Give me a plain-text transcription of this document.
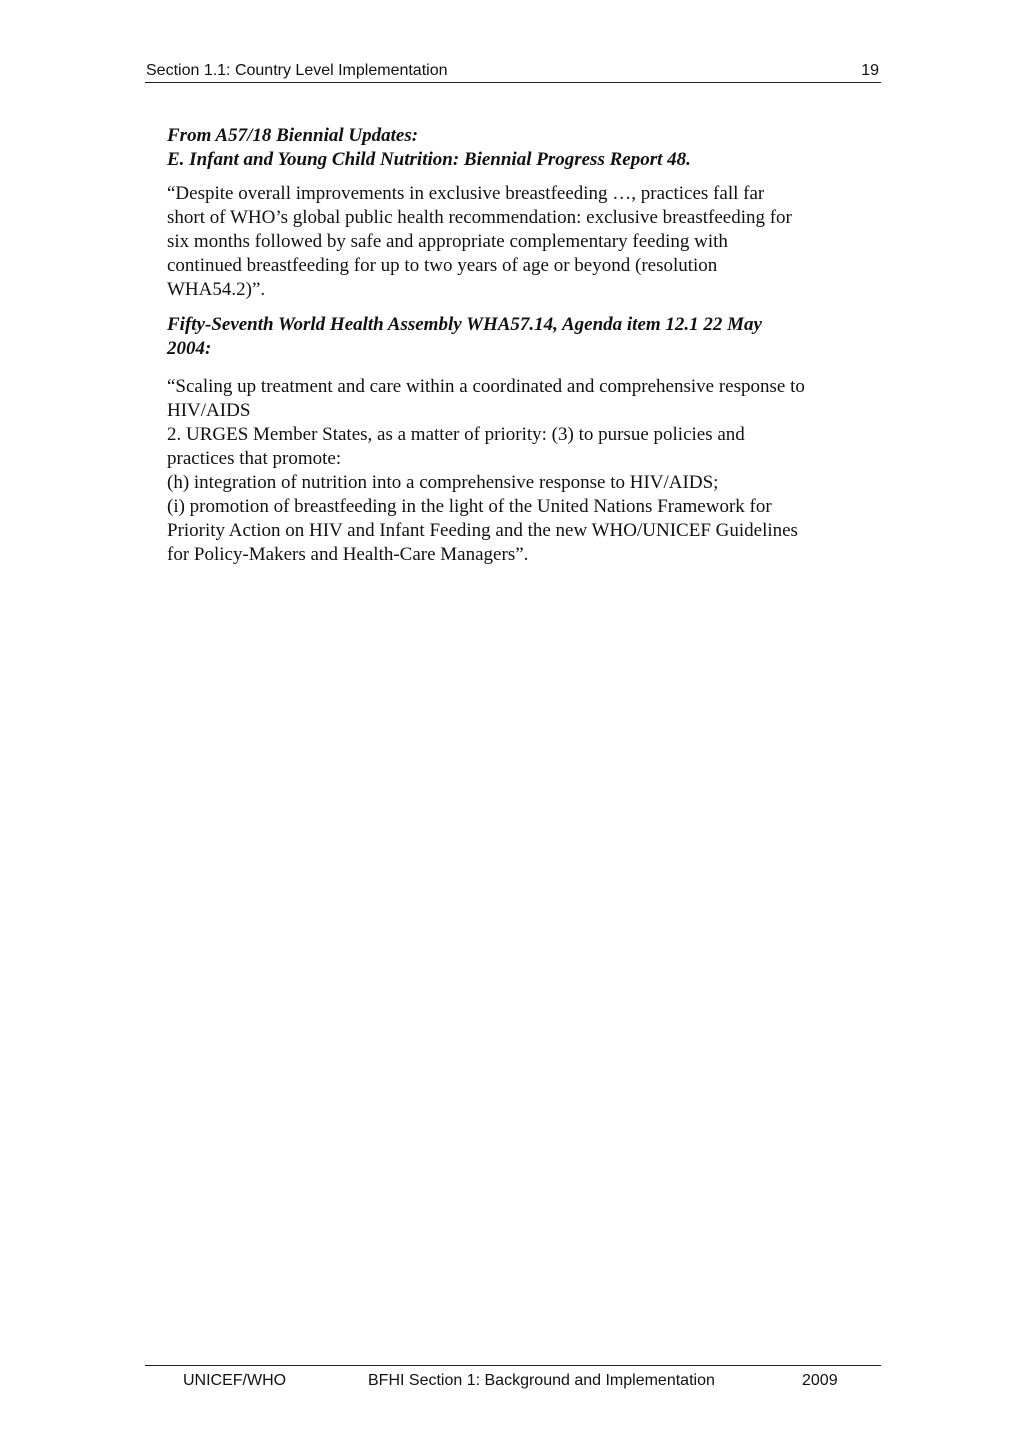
Section 1.1: Country Level Implementation	19

From A57/18 Biennial Updates:

E. Infant and Young Child Nutrition: Biennial Progress Report 48.

“Despite overall improvements in exclusive breastfeeding …, practices fall far

short of WHO’s global public health recommendation: exclusive breastfeeding for

six months followed by safe and appropriate complementary feeding with

continued breastfeeding for up to two years of age or beyond (resolution

WHA54.2)”.

Fifty-Seventh World Health Assembly WHA57.14, Agenda item 12.1 22 May

2004:

“Scaling up treatment and care within a coordinated and comprehensive response to

HIV/AIDS

2. URGES Member States, as a matter of priority: (3) to pursue policies and

practices that promote:

(h) integration of nutrition into a comprehensive response to HIV/AIDS;

(i) promotion of breastfeeding in the light of the United Nations Framework for

Priority Action on HIV and Infant Feeding and the new WHO/UNICEF Guidelines

for Policy-Makers and Health-Care Managers”.

UNICEF/WHO	BFHI Section 1: Background and Implementation	2009
